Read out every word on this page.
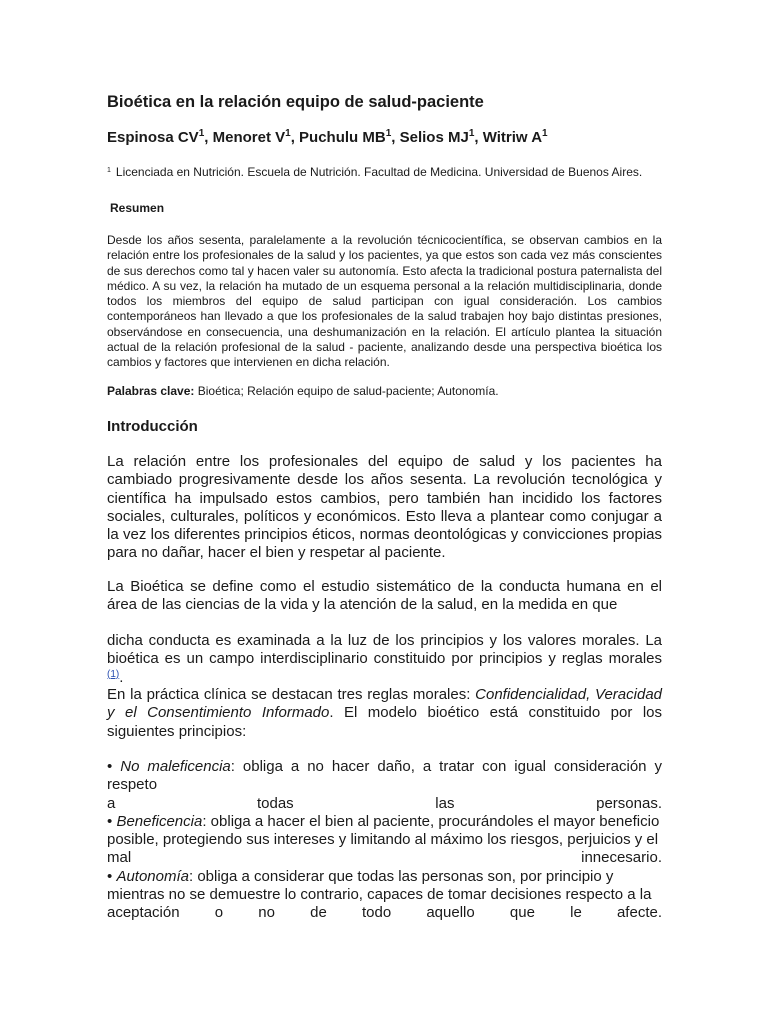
Bioética en la relación equipo de salud-paciente
Espinosa $CV^1$, Menoret $V^1$, Puchulu $MB^1$, Selios $MJ^1$, Witriw $A^1$
$^1$ Licenciada en Nutrición. Escuela de Nutrición. Facultad de Medicina. Universidad de Buenos Aires.
Resumen

Desde los años sesenta, paralelamente a la revolución técnicocientífica, se observan cambios en la relación entre los profesionales de la salud y los pacientes, ya que estos son cada vez más conscientes de sus derechos como tal y hacen valer su autonomía. Esto afecta la tradicional postura paternalista del médico. A su vez, la relación ha mutado de un esquema personal a la relación multidisciplinaria, donde todos los miembros del equipo de salud participan con igual consideración. Los cambios contemporáneos han llevado a que los profesionales de la salud trabajen hoy bajo distintas presiones, observándose en consecuencia, una deshumanización en la relación. El artículo plantea la situación actual de la relación profesional de la salud - paciente, analizando desde una perspectiva bioética los cambios y factores que intervienen en dicha relación.

Palabras clave: Bioética; Relación equipo de salud-paciente; Autonomía.
Introducción

La relación entre los profesionales del equipo de salud y los pacientes ha cambiado progresivamente desde los años sesenta. La revolución tecnológica y científica ha impulsado estos cambios, pero también han incidido los factores sociales, culturales, políticos y económicos. Esto lleva a plantear como conjugar a la vez los diferentes principios éticos, normas deontológicas y convicciones propias para no dañar, hacer el bien y respetar al paciente.

La Bioética se define como el estudio sistemático de la conducta humana en el área de las ciencias de la vida y la atención de la salud, en la medida en que

dicha conducta es examinada a la luz de los principios y los valores morales. La bioética es un campo interdisciplinario constituido por principios y reglas morales $^{(1)}$.

En la práctica clínica se destacan tres reglas morales: Confidencialidad, Veracidad y el Consentimiento Informado. El modelo bioético está constituido por los siguientes principios:

• No maleficencia: obliga a no hacer daño, a tratar con igual consideración y respeto
a	todas	las	personas.
• Beneficencia: obliga a hacer el bien al paciente, procurándoles el mayor beneficio
posible, protegiendo sus intereses y limitando al máximo los riesgos, perjuicios y el
mal	innecesario.
• Autonomía: obliga a considerar que todas las personas son, por principio y
mientras no se demuestre lo contrario, capaces de tomar decisiones respecto a la
aceptación o no de todo aquello que le afecte.
